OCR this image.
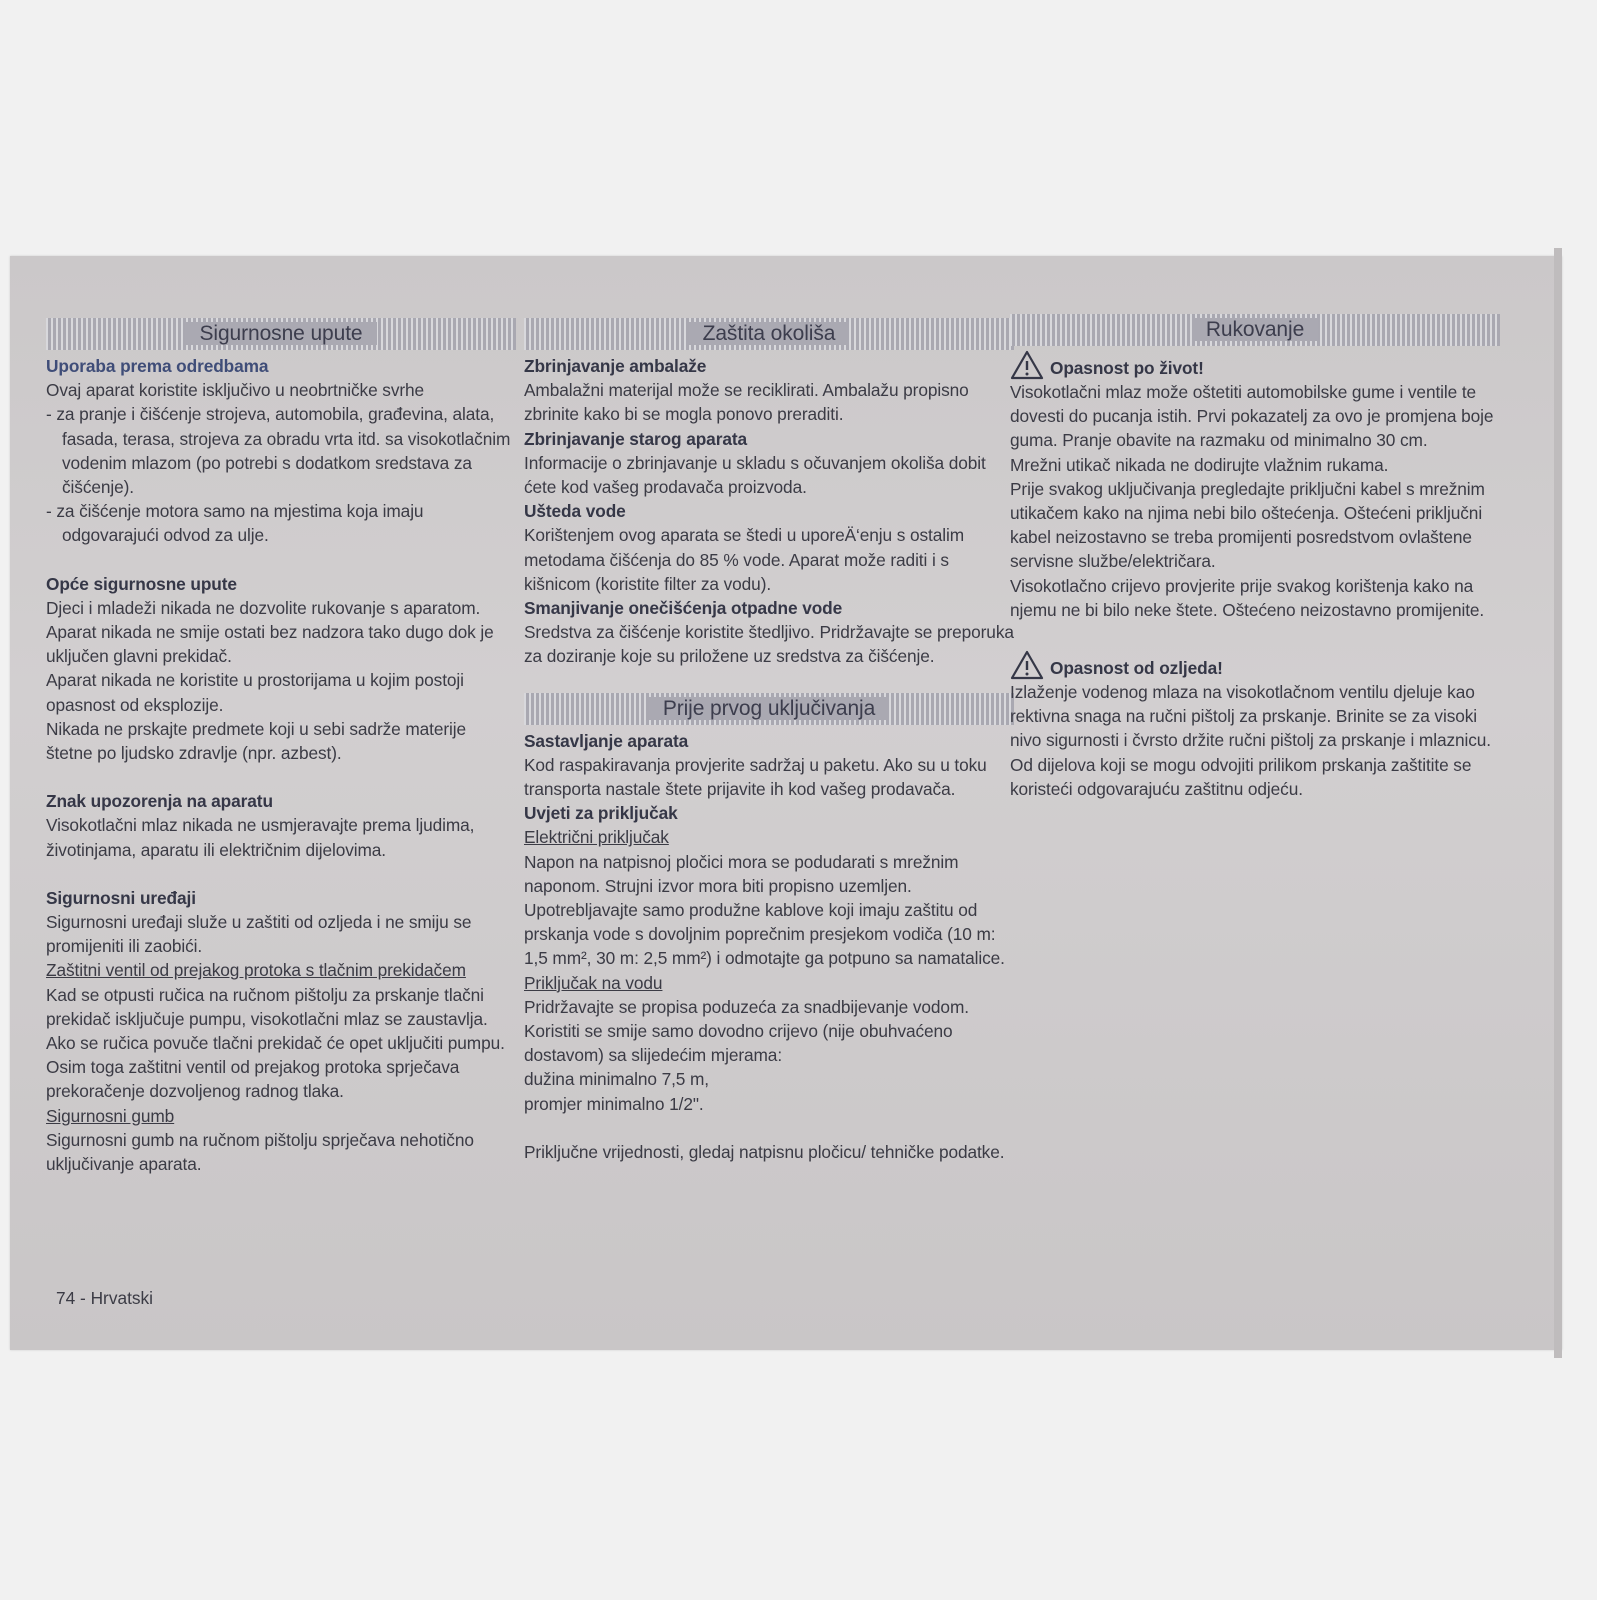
Sigurnosne upute

Uporaba prema odredbama

Ovaj aparat koristite isključivo u neobrtničke svrhe

- za pranje i čišćenje strojeva, automobila, građevina, alata, fasada, terasa, strojeva za obradu vrta itd. sa visokotlačnim vodenim mlazom (po potrebi s dodatkom sredstava za čišćenje).

- za čišćenje motora samo na mjestima koja imaju odgovarajući odvod za ulje.

Opće sigurnosne upute

Djeci i mladeži nikada ne dozvolite rukovanje s aparatom.

Aparat nikada ne smije ostati bez nadzora tako dugo dok je uključen glavni prekidač.

Aparat nikada ne koristite u prostorijama u kojim postoji opasnost od eksplozije.

Nikada ne prskajte predmete koji u sebi sadrže materije štetne po ljudsko zdravlje (npr. azbest).

Znak upozorenja na aparatu

Visokotlačni mlaz nikada ne usmjeravajte prema ljudima, životinjama, aparatu ili električnim dijelovima.

Sigurnosni uređaji

Sigurnosni uređaji služe u zaštiti od ozljeda i ne smiju se promijeniti ili zaobići.

Zaštitni ventil od prejakog protoka s tlačnim prekidačem

Kad se otpusti ručica na ručnom pištolju za prskanje tlačni prekidač isključuje pumpu, visokotlačni mlaz se zaustavlja. Ako se ručica povuče tlačni prekidač će opet uključiti pumpu.

Osim toga zaštitni ventil od prejakog protoka sprječava prekoračenje dozvoljenog radnog tlaka.

Sigurnosni gumb

Sigurnosni gumb na ručnom pištolju sprječava nehotično uključivanje aparata.

Zaštita okoliša

Zbrinjavanje ambalaže

Ambalažni materijal može se reciklirati. Ambalažu propisno zbrinite kako bi se mogla ponovo preraditi.

Zbrinjavanje starog aparata

Informacije o zbrinjavanje u skladu s očuvanjem okoliša dobit ćete kod vašeg prodavača proizvoda.

Ušteda vode

Korištenjem ovog aparata se štedi u uporeÄ‘enju s ostalim metodama čišćenja do 85 % vode. Aparat može raditi i s kišnicom (koristite filter za vodu).

Smanjivanje onečišćenja otpadne vode

Sredstva za čišćenje koristite štedljivo. Pridržavajte se preporuka za doziranje koje su priložene uz sredstva za čišćenje.

Prije prvog uključivanja

Sastavljanje aparata

Kod raspakiravanja provjerite sadržaj u paketu. Ako su u toku transporta nastale štete prijavite ih kod vašeg prodavača.

Uvjeti za priključak

Električni priključak

Napon na natpisnoj pločici mora se podudarati s mrežnim naponom. Strujni izvor mora biti propisno uzemljen.

Upotrebljavajte samo produžne kablove koji imaju zaštitu od prskanja vode s dovoljnim poprečnim presjekom vodiča (10 m: 1,5 mm², 30 m: 2,5 mm²) i odmotajte ga potpuno sa namatalice.

Priključak na vodu

Pridržavajte se propisa poduzeća za snadbijevanje vodom.

Koristiti se smije samo dovodno crijevo (nije obuhvaćeno dostavom) sa slijedećim mjerama:

dužina minimalno 7,5 m,

promjer minimalno 1/2".

Priključne vrijednosti, gledaj natpisnu pločicu/ tehničke podatke.

Rukovanje
Opasnost po život!

Visokotlačni mlaz može oštetiti automobilske gume i ventile te dovesti do pucanja istih. Prvi pokazatelj za ovo je promjena boje guma. Pranje obavite na razmaku od minimalno 30 cm.

Mrežni utikač nikada ne dodirujte vlažnim rukama.

Prije svakog uključivanja pregledajte priključni kabel s mrežnim utikačem kako na njima nebi bilo oštećenja. Oštećeni priključni kabel neizostavno se treba promijenti posredstvom ovlaštene servisne službe/električara.

Visokotlačno crijevo provjerite prije svakog korištenja kako na njemu ne bi bilo neke štete. Oštećeno neizostavno promijenite.

Opasnost od ozljeda!

Izlaženje vodenog mlaza na visokotlačnom ventilu djeluje kao rektivna snaga na ručni pištolj za prskanje. Brinite se za visoki nivo sigurnosti i čvrsto držite ručni pištolj za prskanje i mlaznicu.

Od dijelova koji se mogu odvojiti prilikom prskanja zaštitite se koristeći odgovarajuću zaštitnu odjeću.

74 - Hrvatski
